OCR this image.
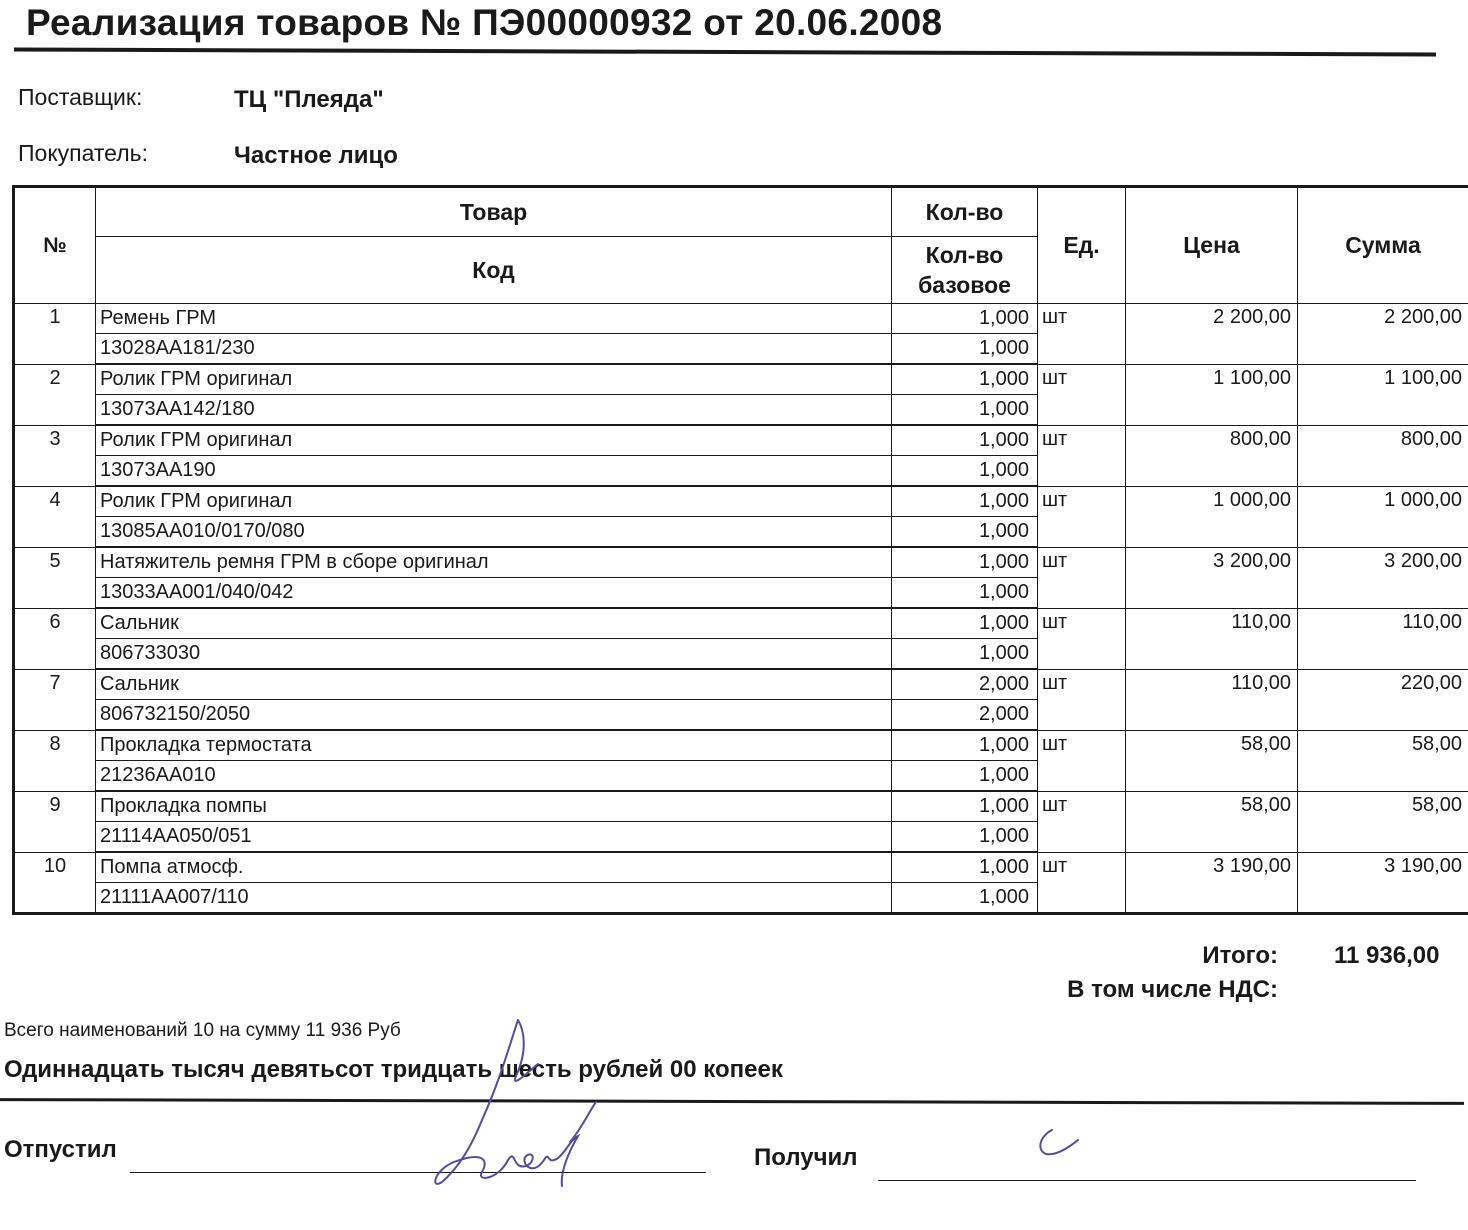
Реализация товаров № ПЭ00000932 от 20.06.2008
Поставщик:	ТЦ "Плеяда"
Покупатель:	Частное лицо
№	Товар	Кол-во	Ед.	Цена	Сумма
	Код	Кол-во
базовое			

1	Ремень ГРМ	1,000	шт	2 200,00	2 200,00
	13028AA181/230	1,000			
2	Ролик ГРМ оригинал	1,000	шт	1 100,00	1 100,00
	13073AA142/180	1,000			
3	Ролик ГРМ оригинал	1,000	шт	800,00	800,00
	13073AA190	1,000			
4	Ролик ГРМ оригинал	1,000	шт	1 000,00	1 000,00
	13085AA010/0170/080	1,000			
5	Натяжитель ремня ГРМ в сборе оригинал	1,000	шт	3 200,00	3 200,00
	13033AA001/040/042	1,000			
6	Сальник	1,000	шт	110,00	110,00
	806733030	1,000			
7	Сальник	2,000	шт	110,00	220,00
	806732150/2050	2,000			
8	Прокладка термостата	1,000	шт	58,00	58,00
	21236AA010	1,000			
9	Прокладка помпы	1,000	шт	58,00	58,00
	21114AA050/051	1,000			
10	Помпа атмосф.	1,000	шт	3 190,00	3 190,00
	21111AA007/110	1,000			
Итого: 11 936,00
В том числе НДС:
Всего наименований 10 на сумму 11 936 Руб
Одиннадцать тысяч девятьсот тридцать шесть рублей 00 копеек
Отпустил	Получил
